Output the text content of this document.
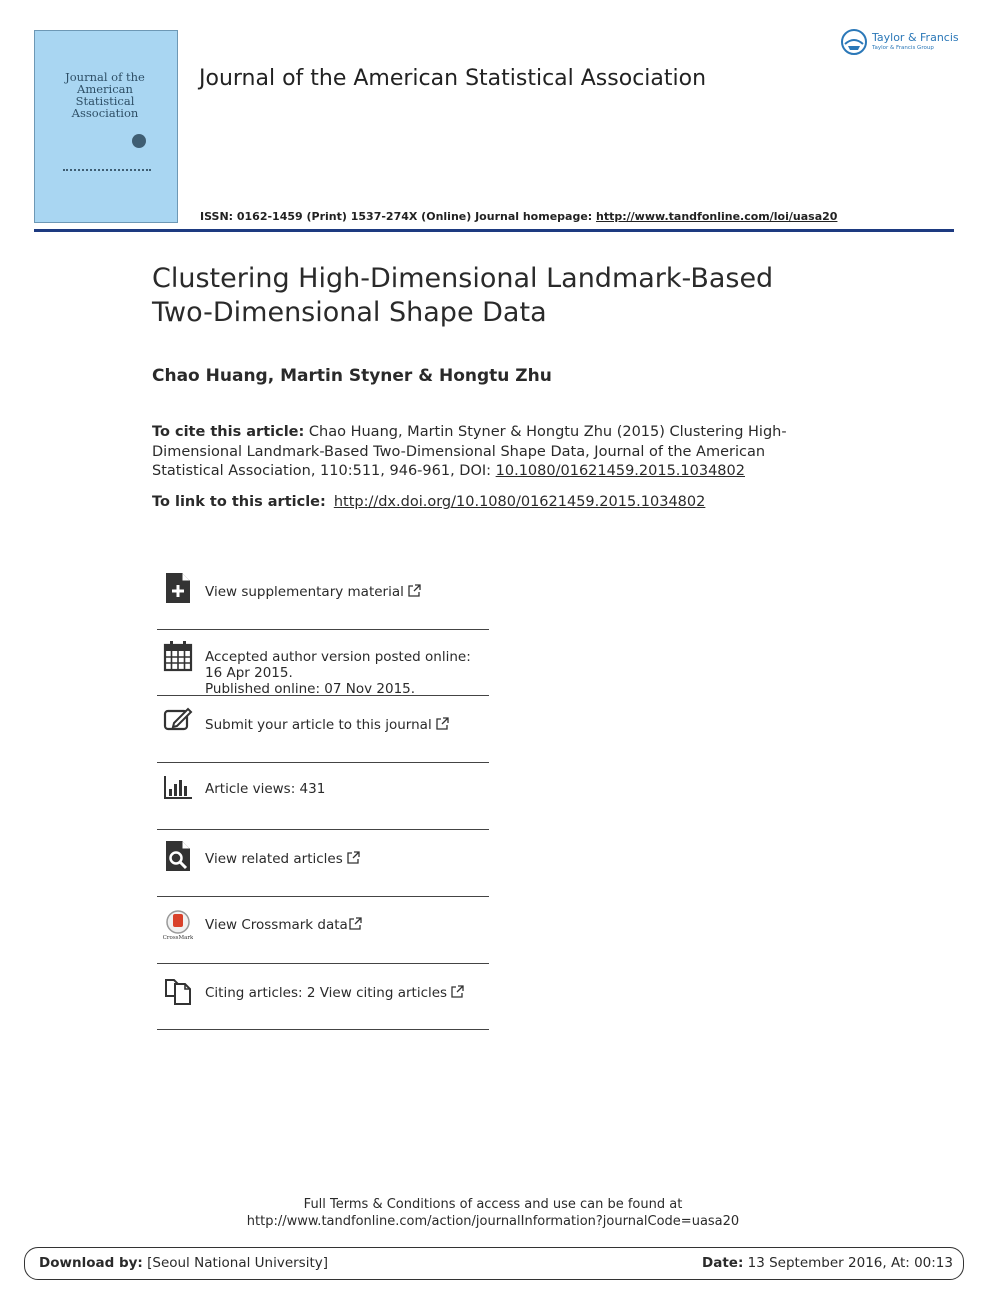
Journal of the
American
Statistical
Association
Journal of the American Statistical Association
Taylor & Francis
Taylor & Francis Group
ISSN: 0162-1459 (Print) 1537-274X (Online) Journal homepage: http://www.tandfonline.com/loi/uasa20
Clustering High-Dimensional Landmark-Based
Two-Dimensional Shape Data
Chao Huang, Martin Styner & Hongtu Zhu
To cite this article: Chao Huang, Martin Styner & Hongtu Zhu (2015) Clustering High-Dimensional Landmark-Based Two-Dimensional Shape Data, Journal of the American Statistical Association, 110:511, 946-961, DOI: 10.1080/01621459.2015.1034802
To link to this article: http://dx.doi.org/10.1080/01621459.2015.1034802
View supplementary material
Accepted author version posted online: 16 Apr 2015.
Published online: 07 Nov 2015.
Submit your article to this journal
Article views: 431
View related articles
CrossMark
View Crossmark data
Citing articles: 2 View citing articles
Full Terms & Conditions of access and use can be found at
http://www.tandfonline.com/action/journalInformation?journalCode=uasa20
Download by: [Seoul National University]	Date: 13 September 2016, At: 00:13
